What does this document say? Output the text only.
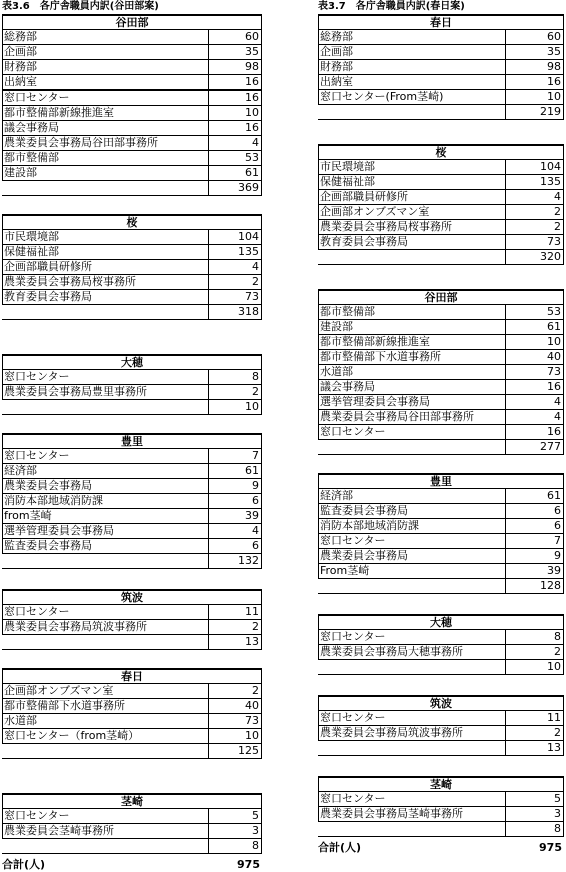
表3.6　各庁舎職員内訳(谷田部案)
谷田部
総務部	60
企画部	35
財務部	98
出納室	16
窓口センター	16
都市整備部新線推進室	10
議会事務局	16
農業委員会事務局谷田部事務所	4
都市整備部	53
建設部	61
369
桜
市民環境部	104
保健福祉部	135
企画部職員研修所	4
農業委員会事務局桜事務所	2
教育委員会事務局	73
318
大穂
窓口センター	8
農業委員会事務局豊里事務所	2
10
豊里
窓口センター	7
経済部	61
農業委員会事務局	9
消防本部地域消防課	6
from茎崎	39
選挙管理委員会事務局	4
監査委員会事務局	6
132
筑波
窓口センター	11
農業委員会事務局筑波事務所	2
13
春日
企画部オンブズマン室	2
都市整備部下水道事務所	40
水道部	73
窓口センター（from茎崎）	10
125
茎崎
窓口センター	5
農業委員会茎崎事務所	3
8
合計(人)	975
表3.7　各庁舎職員内訳(春日案)
春日
総務部	60
企画部	35
財務部	98
出納室	16
窓口センター(From茎崎)	10
219
桜
市民環境部	104
保健福祉部	135
企画部職員研修所	4
企画部オンブズマン室	2
農業委員会事務局桜事務所	2
教育委員会事務局	73
320
谷田部
都市整備部	53
建設部	61
都市整備部新線推進室	10
都市整備部下水道事務所	40
水道部	73
議会事務局	16
選挙管理委員会事務局	4
農業委員会事務局谷田部事務所	4
窓口センター	16
277
豊里
経済部	61
監査委員会事務局	6
消防本部地域消防課	6
窓口センター	7
農業委員会事務局	9
From茎崎	39
128
大穂
窓口センター	8
農業委員会事務局大穂事務所	2
10
筑波
窓口センター	11
農業委員会事務局筑波事務所	2
13
茎崎
窓口センター	5
農業委員会事務局茎崎事務所	3
8
合計(人)	975
